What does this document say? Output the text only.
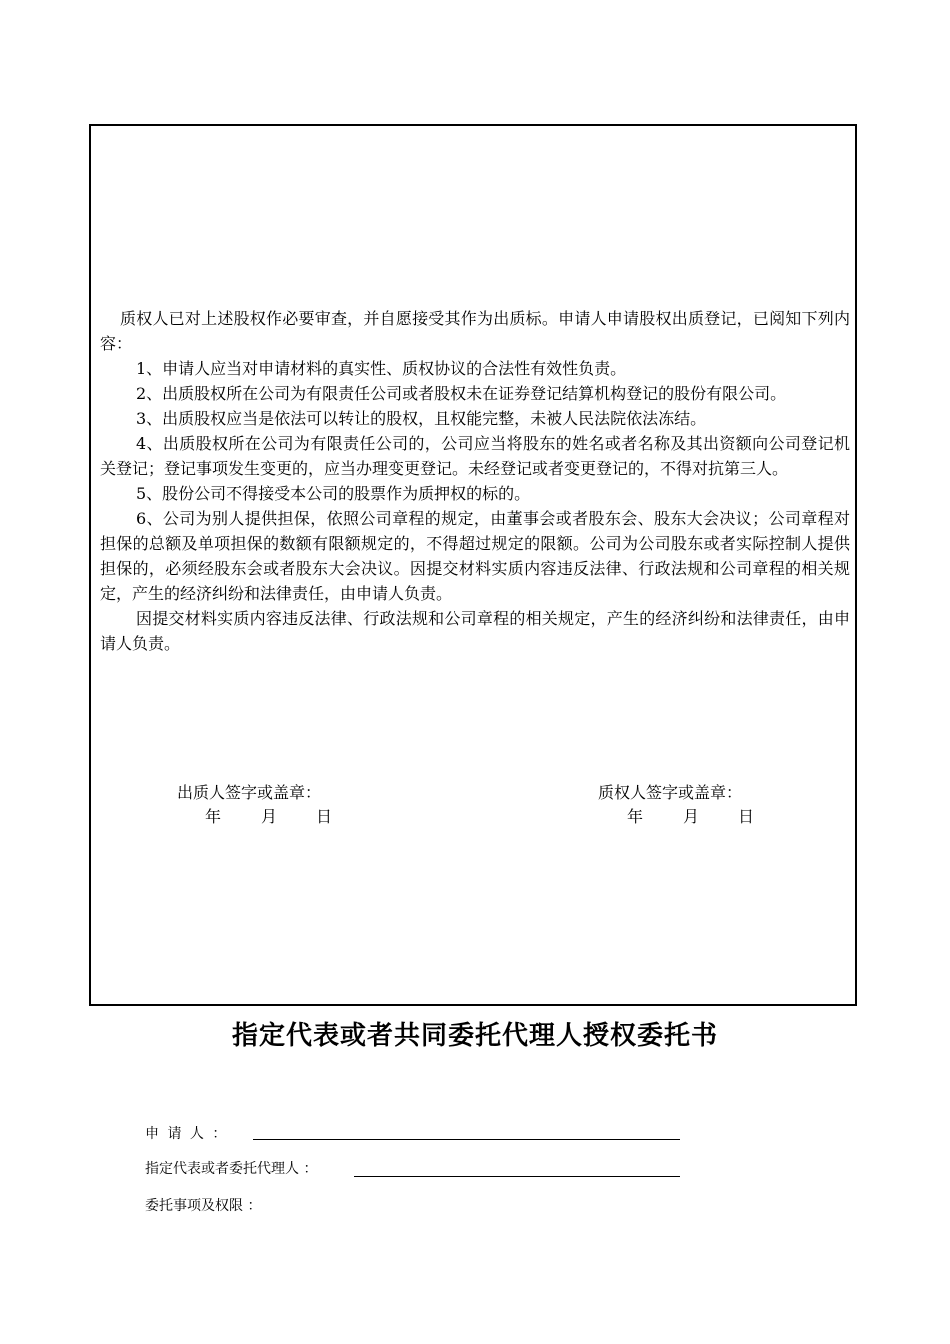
质权人已对上述股权作必要审查，并自愿接受其作为出质标。申请人申请股权出质登记，已阅知下列内容：

1、申请人应当对申请材料的真实性、质权协议的合法性有效性负责。

2、出质股权所在公司为有限责任公司或者股权未在证券登记结算机构登记的股份有限公司。

3、出质股权应当是依法可以转让的股权，且权能完整，未被人民法院依法冻结。

4、出质股权所在公司为有限责任公司的，公司应当将股东的姓名或者名称及其出资额向公司登记机关登记；登记事项发生变更的，应当办理变更登记。未经登记或者变更登记的，不得对抗第三人。

5、股份公司不得接受本公司的股票作为质押权的标的。

6、公司为别人提供担保，依照公司章程的规定，由董事会或者股东会、股东大会决议；公司章程对担保的总额及单项担保的数额有限额规定的，不得超过规定的限额。公司为公司股东或者实际控制人提供担保的，必须经股东会或者股东大会决议。因提交材料实质内容违反法律、行政法规和公司章程的相关规定，产生的经济纠纷和法律责任，由申请人负责。

因提交材料实质内容违反法律、行政法规和公司章程的相关规定，产生的经济纠纷和法律责任，由申请人负责。

出质人签字或盖章：
年 月 日
质权人签字或盖章：
年 月 日
指定代表或者共同委托代理人授权委托书
申 请 人 ：
指定代表或者委托代理人 ：
委托事项及权限 ：
